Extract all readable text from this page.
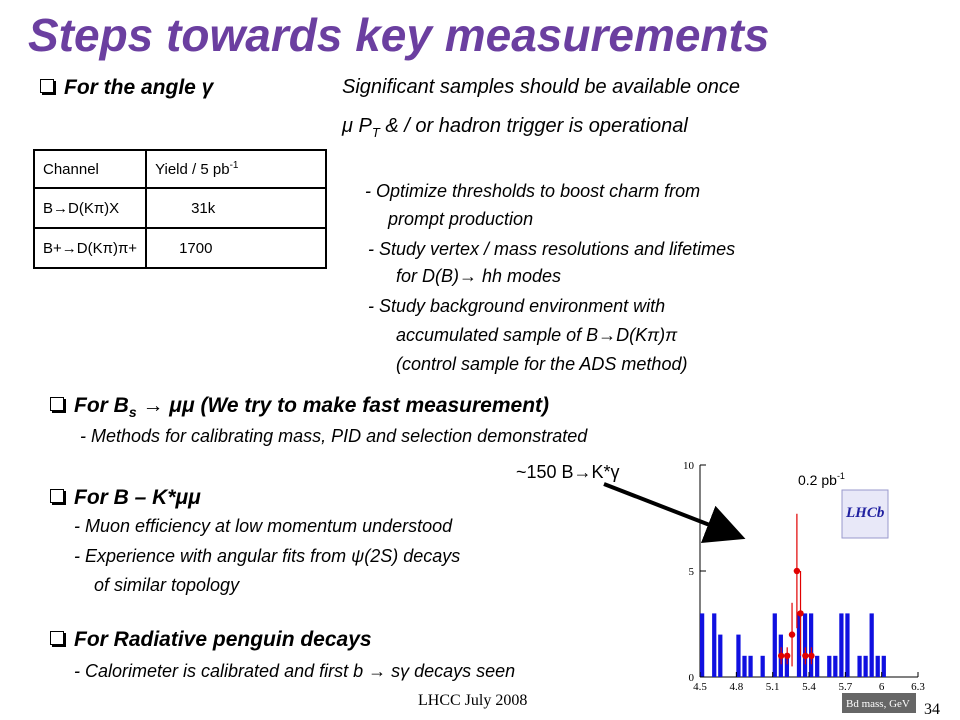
Steps towards key measurements
For the angle γ	Significant samples should be available once
μ $P_T$ & / or hadron trigger is operational
Channel	Yield / 5 $pb^{-1}$
B→D(Kπ)X	31k
B+→D(Kπ)π+	1700
- Optimize thresholds to boost charm from
prompt production
- Study vertex / mass resolutions and lifetimes
for D(B)→ hh modes
- Study background environment with
accumulated sample of B→D(Kπ)π
(control sample for the ADS method)
For $B_s \to \mu\mu$ (We try to make fast measurement)
- Methods for calibrating mass, PID and selection demonstrated
~150 B→K*γ
For B – K*μμ
- Muon efficiency at low momentum understood
- Experience with angular fits from ψ(2S) decays
of similar topology
For Radiative penguin decays
- Calorimeter is calibrated and first b → sγ decays seen
LHCC July 2008
34
4.5 4.8 5.1 5.4 5.7 6 6.3
0
5
10
0.2 $pb^{-1}$
LHCb
Bd mass, GeV
